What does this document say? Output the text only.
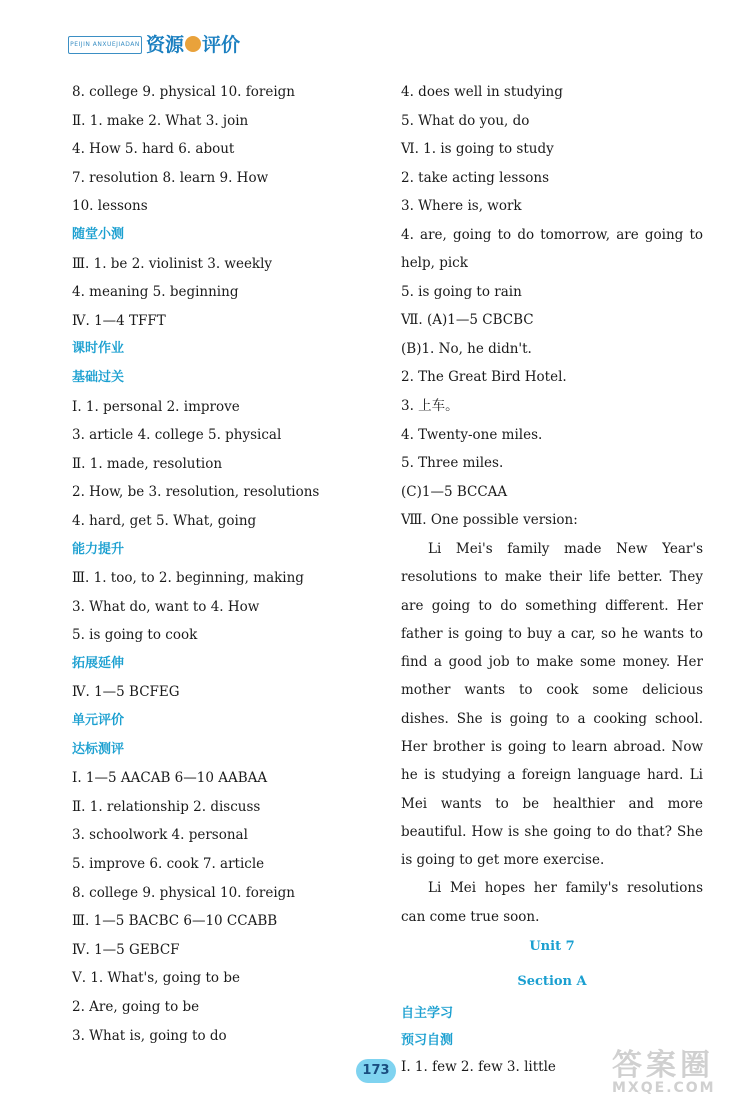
PEIJIN ANXUEJIADAN 资源 评价
8. college 9. physical 10. foreign
Ⅱ. 1. make 2. What 3. join
4. How 5. hard 6. about
7. resolution 8. learn 9. How
10. lessons
随堂小测
Ⅲ. 1. be 2. violinist 3. weekly
4. meaning 5. beginning
Ⅳ. 1—4 TFFT
课时作业
基础过关
Ⅰ. 1. personal 2. improve
3. article 4. college 5. physical
Ⅱ. 1. made, resolution
2. How, be 3. resolution, resolutions
4. hard, get 5. What, going
能力提升
Ⅲ. 1. too, to 2. beginning, making
3. What do, want to 4. How
5. is going to cook
拓展延伸
Ⅳ. 1—5 BCFEG
单元评价
达标测评
Ⅰ. 1—5 AACAB 6—10 AABAA
Ⅱ. 1. relationship 2. discuss
3. schoolwork 4. personal
5. improve 6. cook 7. article
8. college 9. physical 10. foreign
Ⅲ. 1—5 BACBC 6—10 CCABB
Ⅳ. 1—5 GEBCF
Ⅴ. 1. What's, going to be
2. Are, going to be
3. What is, going to do
4. does well in studying
5. What do you, do
Ⅵ. 1. is going to study
2. take acting lessons
3. Where is, work

4. are, going to do tomorrow, are going to help, pick

5. is going to rain
Ⅶ. (A)1—5 CBCBC
(B)1. No, he didn't.
2. The Great Bird Hotel.
3. 上车。
4. Twenty-one miles.
5. Three miles.
(C)1—5 BCCAA
Ⅷ. One possible version:

Li Mei's family made New Year's resolutions to make their life better. They are going to do something different. Her father is going to buy a car, so he wants to find a good job to make some money. Her mother wants to cook some delicious dishes. She is going to a cooking school. Her brother is going to learn abroad. Now he is studying a foreign language hard. Li Mei wants to be healthier and more beautiful. How is she going to do that? She is going to get more exercise.

Li Mei hopes her family's resolutions can come true soon.

Unit 7
Section A
自主学习
预习自测
Ⅰ. 1. few 2. few 3. little
173	答案圈
MXQE.COM
